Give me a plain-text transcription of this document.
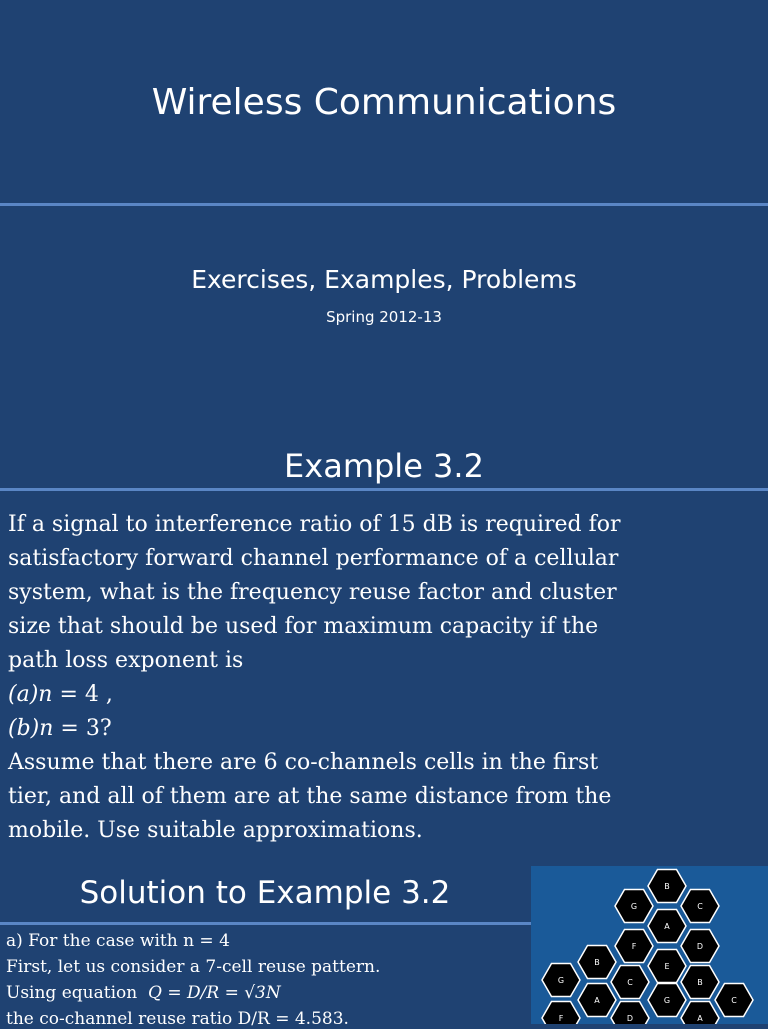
Wireless Communications
Exercises, Examples, Problems
Spring 2012-13
Example 3.2
If a signal to interference ratio of 15 dB is required for
satisfactory forward channel performance of a cellular
system, what is the frequency reuse factor and cluster
size that should be used for maximum capacity if the
path loss exponent is
(a)n = 4 ,
(b)n = 3?
Assume that there are 6 co-channels cells in the first
tier, and all of them are at the same distance from the
mobile. Use suitable approximations.
Solution to Example 3.2
a) For the case with n = 4
First, let us consider a 7-cell reuse pattern.
Using equation Q = D/R = √3N
the co-channel reuse ratio D/R = 4.583.
B
G	C
A
F	D
B	E
G	C	B
A	G	C
F	D	A
